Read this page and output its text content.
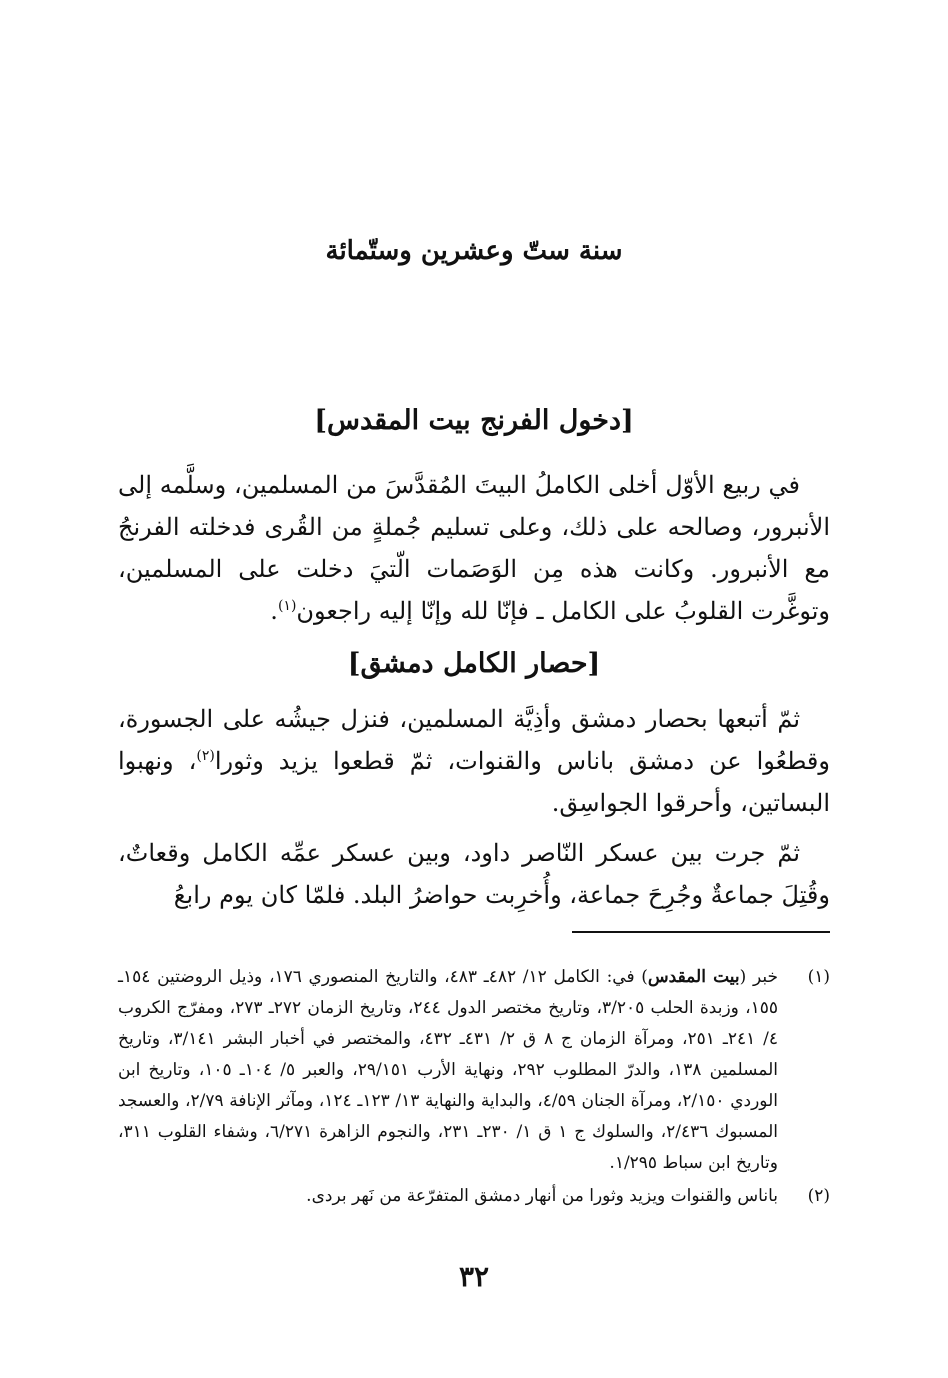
سنة ستّ وعشرين وستّمائة
[دخول الفرنج بيت المقدس]

في ربيع الأوّل أخلى الكاملُ البيتَ المُقدَّسَ من المسلمين، وسلَّمه إلى الأنبرور، وصالحه على ذلك، وعلى تسليم جُملةٍ من القُرى فدخلته الفرنجُ مع الأنبرور. وكانت هذه مِن الوَصَمات الّتيَ دخلت على المسلمين، وتوغَّرت القلوبُ على الكامل ـ فإنّا لله وإنّا إليه راجعون$^{(١)}$.

[حصار الكامل دمشق]

ثمّ أتبعها بحصار دمشق وأذِيَّة المسلمين، فنزل جيشُه على الجسورة، وقطعُوا عن دمشق باناس والقنوات، ثمّ قطعوا يزيد وثورا$^{(٢)}$، ونهبوا البساتين، وأحرقوا الجواسِق.

ثمّ جرت بين عسكر النّاصر داود، وبين عسكر عمِّه الكامل وقعاتٌ، وقُتِلَ جماعةٌ وجُرِحَ جماعة، وأُخرِبت حواضرُ البلد. فلمّا كان يوم رابعُ

(١)
خبر (بيت المقدس) في: الكامل ١٢/ ٤٨٢ـ ٤٨٣، والتاريخ المنصوري ١٧٦، وذيل الروضتين ١٥٤ـ ١٥٥، وزبدة الحلب ٣/٢٠٥، وتاريخ مختصر الدول ٢٤٤، وتاريخ الزمان ٢٧٢ـ ٢٧٣، ومفرّج الكروب ٤/ ٢٤١ـ ٢٥١، ومرآة الزمان ج ٨ ق ٢/ ٤٣١ـ ٤٣٢، والمختصر في أخبار البشر ٣/١٤١، وتاريخ المسلمين ١٣٨، والدرّ المطلوب ٢٩٢، ونهاية الأرب ٢٩/١٥١، والعبر ٥/ ١٠٤ـ ١٠٥، وتاريخ ابن الوردي ٢/١٥٠، ومرآة الجنان ٤/٥٩، والبداية والنهاية ١٣/ ١٢٣ـ ١٢٤، ومآثر الإنافة ٢/٧٩، والعسجد المسبوك ٢/٤٣٦، والسلوك ج ١ ق ١/ ٢٣٠ـ ٢٣١، والنجوم الزاهرة ٦/٢٧١، وشفاء القلوب ٣١١، وتاريخ ابن سباط ١/٢٩٥.
(٢)
باناس والقنوات ويزيد وثورا من أنهار دمشق المتفرّعة من نَهر بردى.
٣٢
